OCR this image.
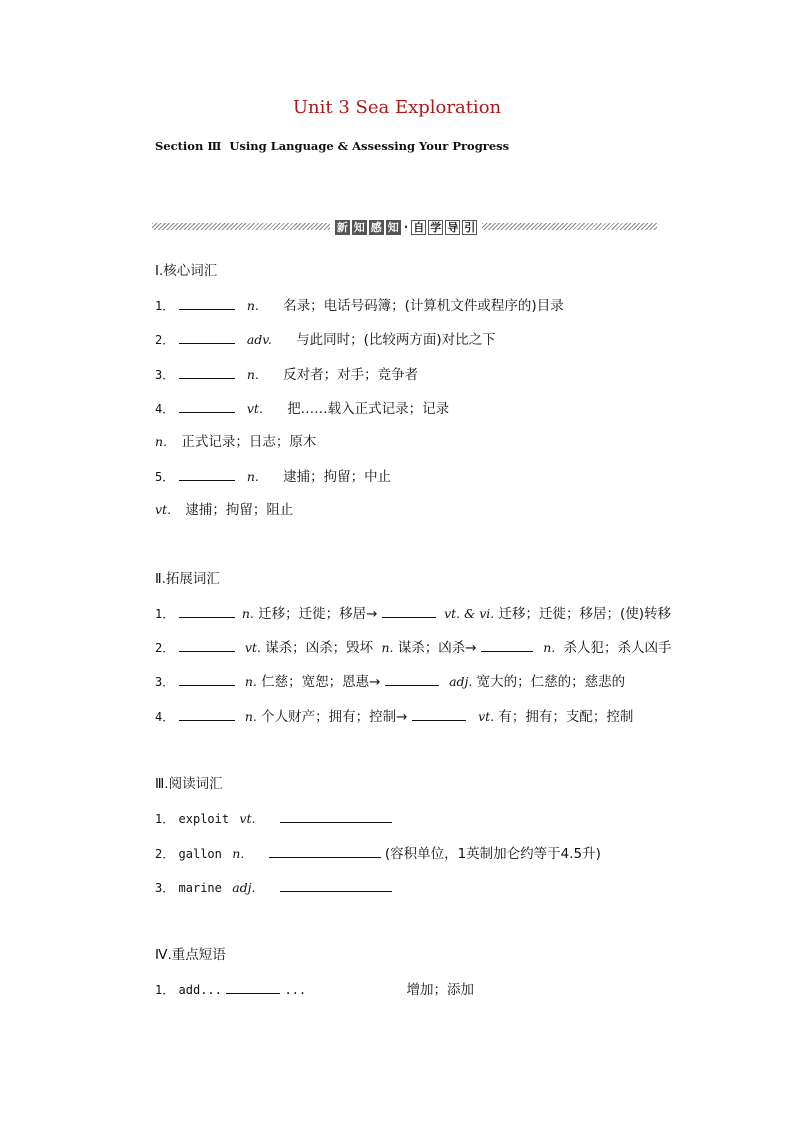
Unit 3 Sea Exploration
Section Ⅲ  Using Language & Assessing Your Progress
新 知 感 知 · 自 学 导 引
Ⅰ.核心词汇
1．	n. 名录；电话号码簿；(计算机文件或程序的)目录
2．	adv. 与此同时；(比较两方面)对比之下
3．	n. 反对者；对手；竞争者
4．	vt. 把……载入正式记录；记录
n. 正式记录；日志；原木
5．	n. 逮捕；拘留；中止
vt. 逮捕；拘留；阻止
Ⅱ.拓展词汇
1．	n. 迁移；迁徙；移居→	vt. & vi. 迁移；迁徙；移居；(使)转移
2．	vt. 谋杀；凶杀；毁坏 n. 谋杀；凶杀→	n. 杀人犯；杀人凶手
3．	n. 仁慈；宽恕；恩惠→	adj. 宽大的；仁慈的；慈悲的
4．	n. 个人财产；拥有；控制→	vt. 有；拥有；支配；控制
Ⅲ.阅读词汇
1． exploit vt.
2． gallon n.	(容积单位，1英制加仑约等于4.5升)
3． marine adj.
Ⅳ.重点短语
1． add...	...	增加；添加
